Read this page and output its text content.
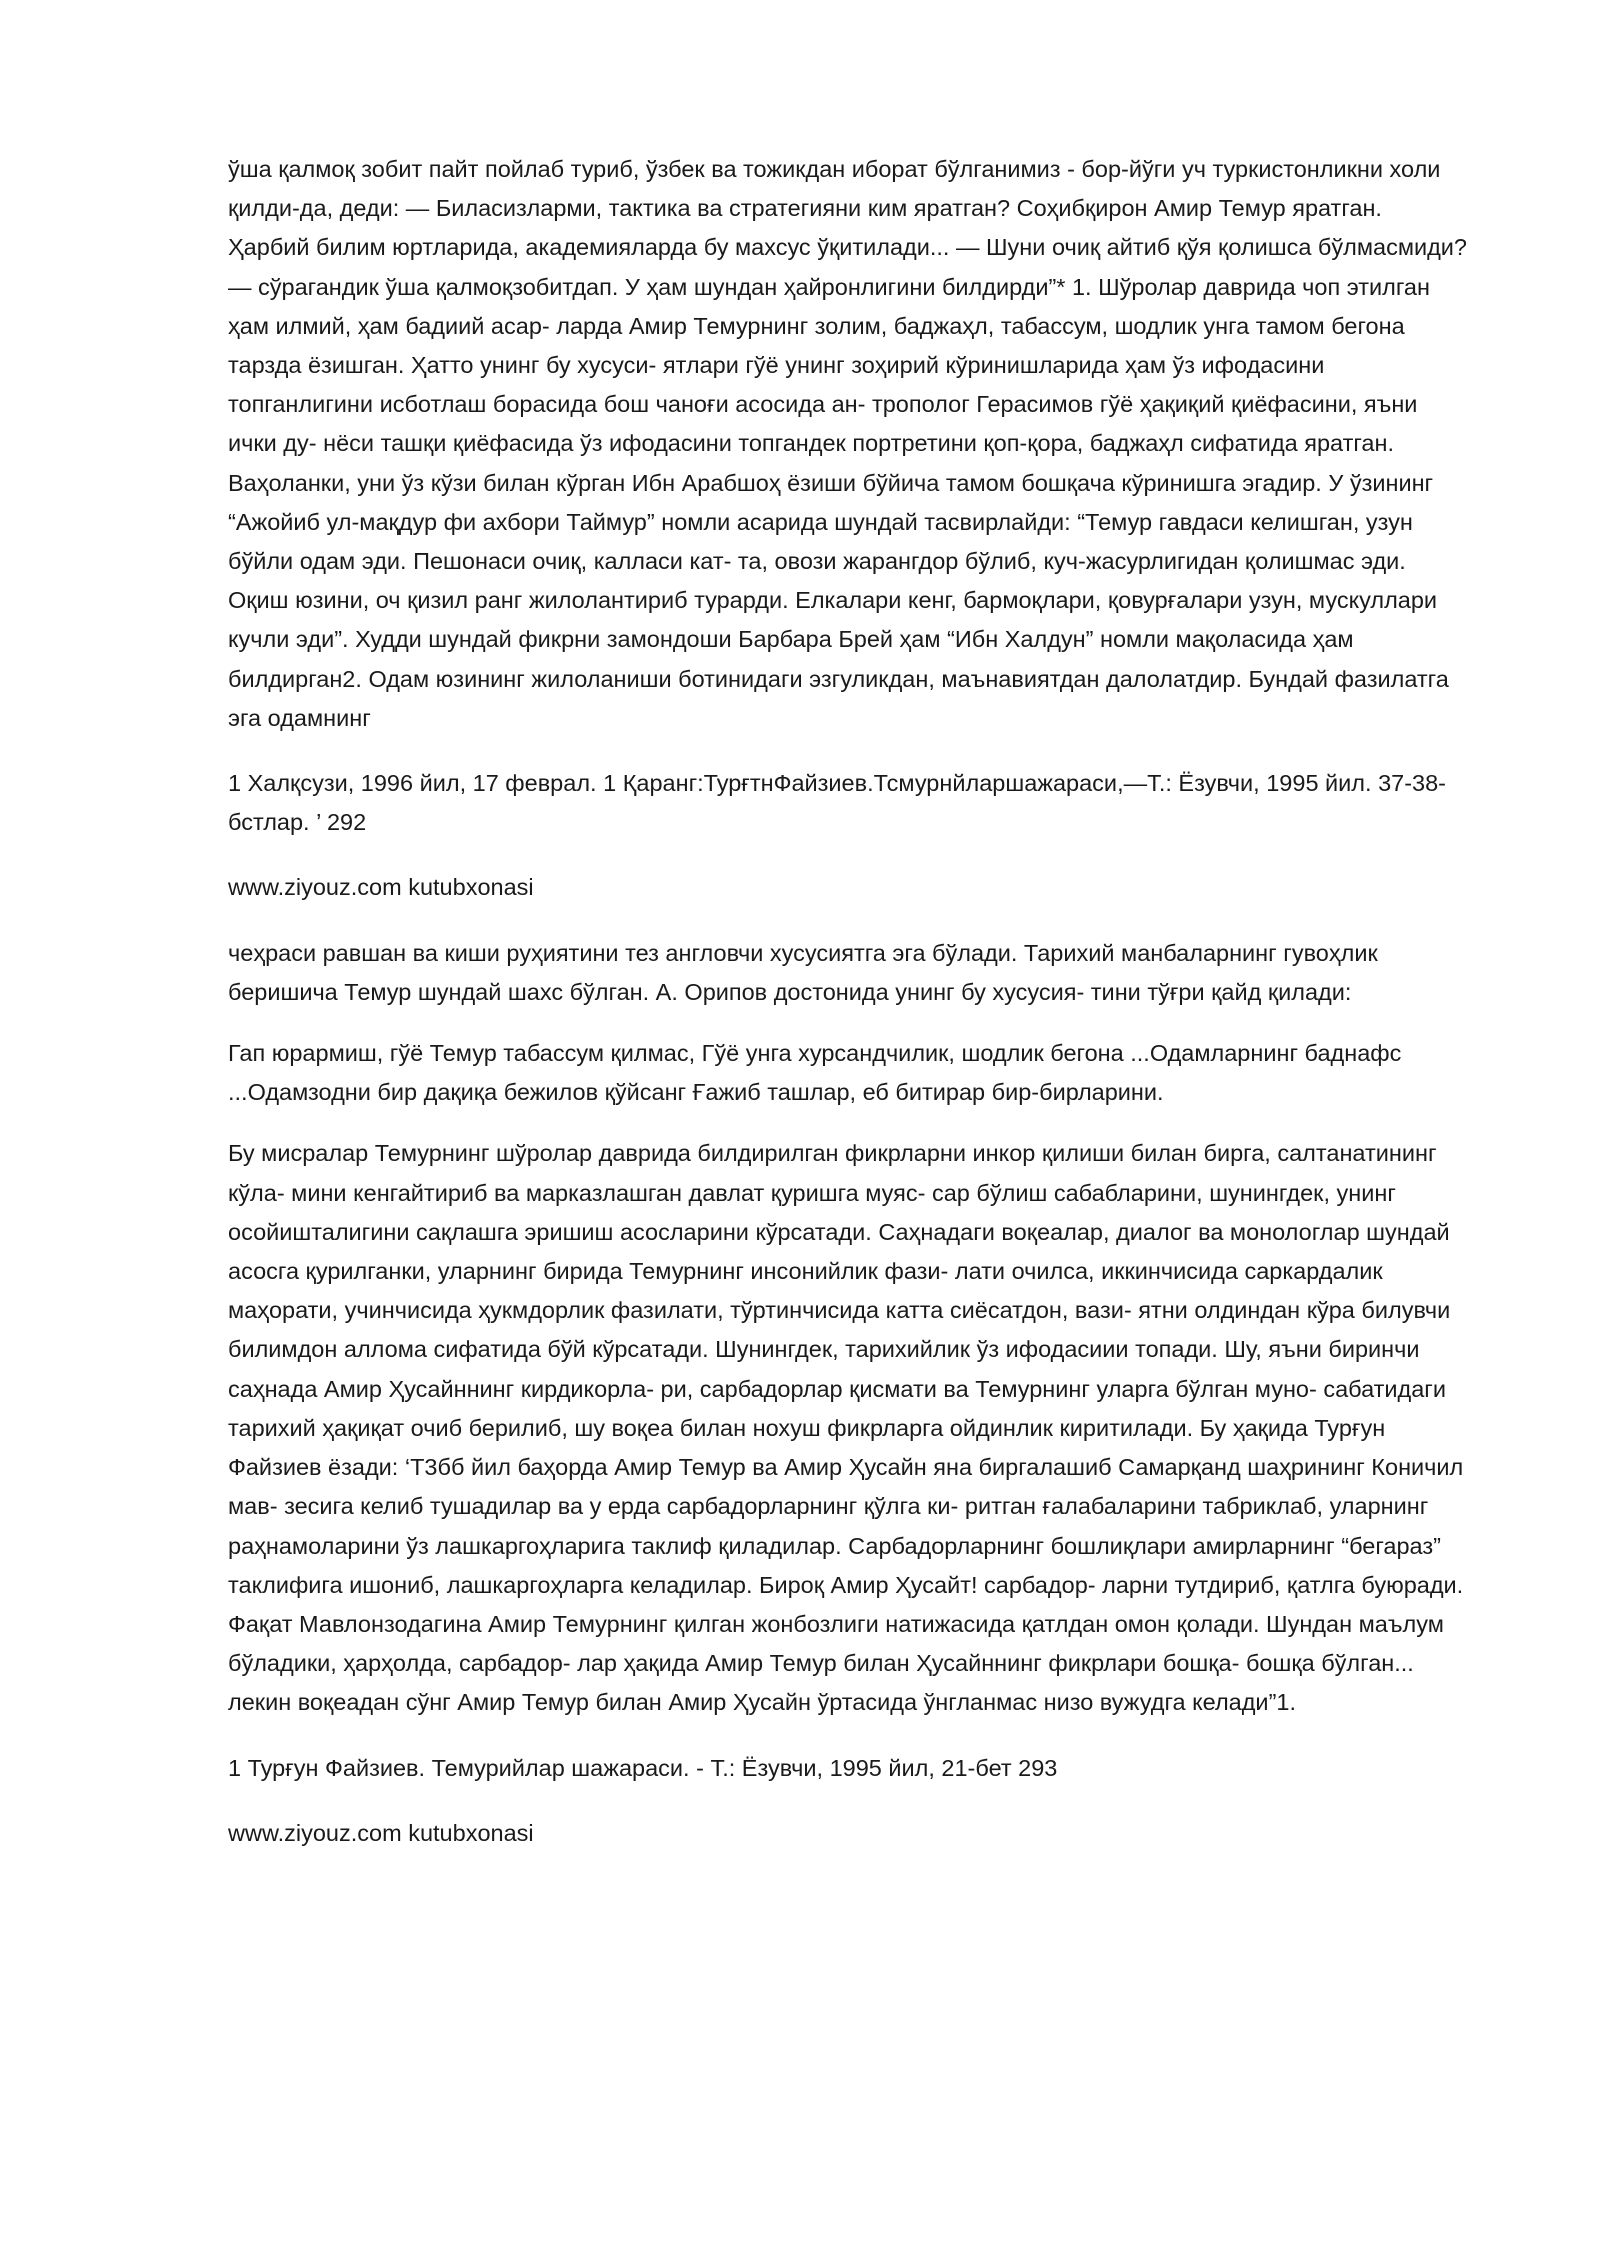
ўша қалмоқ зобит пайт пойлаб туриб, ўзбек ва тожикдан иборат бўлганимиз - бор-йўги уч туркистонликни холи қилди-да, деди: — Биласизларми, тактика ва стратегияни ким яратган? Соҳибқирон Амир Темур яратган. Ҳарбий билим юртларида, академияларда бу махсус ўқитилади... — Шуни очиқ айтиб қўя қолишса бўлмасмиди? — сўрагандик ўша қалмоқзобитдап. У ҳам шундан ҳайронлигини билдирди”* 1. Шўролар даврида чоп этилган ҳам илмий, ҳам бадиий асар- ларда Амир Темурнинг золим, баджаҳл, табассум, шодлик унга тамом бегона тарзда ёзишган. Ҳатто унинг бу хусуси- ятлари гўё унинг зоҳирий кўринишларида ҳам ўз ифодасини топганлигини исботлаш борасида бош чаноғи асосида ан- трополог Герасимов гўё ҳақиқий қиёфасини, яъни ички ду- нёси ташқи қиёфасида ўз ифодасини топгандек портретини қоп-қора, баджаҳл сифатида яратган. Ваҳоланки, уни ўз кўзи билан кўрган Ибн Арабшоҳ ёзиши бўйича тамом бошқача кўринишга эгадир. У ўзининг “Ажойиб ул-мақдур фи ахбори Таймур” номли асарида шундай тасвирлайди: “Темур гавдаси келишган, узун бўйли одам эди. Пешонаси очиқ, калласи кат- та, овози жарангдор бўлиб, куч-жасурлигидан қолишмас эди. Оқиш юзини, оч қизил ранг жилолантириб турарди. Елкалари кенг, бармоқлари, қовурғалари узун, мускуллари кучли эди”. Худди шундай фикрни замондоши Барбара Брей ҳам “Ибн Халдун” номли мақоласида ҳам билдирган2. Одам юзининг жилоланиши ботинидаги эзгуликдан, маънавиятдан далолатдир. Бундай фазилатга эга одамнинг

1 Халқсузи, 1996 йил, 17 феврал. 1 Қаранг:ТурғтнФайзиев.Тсмурнйларшажараси,—Т.: Ёзувчи, 1995 йил. 37-38-бстлар. ’ 292

www.ziyouz.com kutubxonasi

чеҳраси равшан ва киши руҳиятини тез англовчи хусусиятга эга бўлади. Тарихий манбаларнинг гувоҳлик беришича Темур шундай шахс бўлган. А. Орипов достонида унинг бу хусусия- тини тўғри қайд қилади:

Гап юрармиш, гўё Темур табассум қилмас, Гўё унга хурсандчилик, шодлик бегона ...Одамларнинг баднафс ...Одамзодни бир дақиқа бежилов қўйсанг Ғажиб ташлар, еб битирар бир-бирларини.

Бу мисралар Темурнинг шўролар даврида билдирилган фикрларни инкор қилиши билан бирга, салтанатининг кўла- мини кенгайтириб ва марказлашган давлат қуришга муяс- сар бўлиш сабабларини, шунингдек, унинг осойишталигини сақлашга эришиш асосларини кўрсатади. Саҳнадаги воқеалар, диалог ва монологлар шундай асосга қурилганки, уларнинг бирида Темурнинг инсонийлик фази- лати очилса, иккинчисида саркардалик маҳорати, учинчисида ҳукмдорлик фазилати, тўртинчисида катта сиёсатдон, вази- ятни олдиндан кўра билувчи билимдон аллома сифатида бўй кўрсатади. Шунингдек, тарихийлик ўз ифодасиии топади. Шу, яъни биринчи саҳнада Амир Ҳусайннинг кирдикорла- ри, сарбадорлар қисмати ва Темурнинг уларга бўлган муно- сабатидаги тарихий ҳақиқат очиб берилиб, шу воқеа билан нохуш фикрларга ойдинлик киритилади. Бу ҳақида Турғун Файзиев ёзади: ‘Т3бб йил баҳорда Амир Темур ва Амир Ҳусайн яна биргалашиб Самарқанд шаҳрининг Коничил мав- зесига келиб тушадилар ва у ерда сарбадорларнинг қўлга ки- ритган ғалабаларини табриклаб, уларнинг раҳнамоларини ўз лашкаргоҳларига таклиф қиладилар. Сарбадорларнинг бошлиқлари амирларнинг “бегараз” таклифига ишониб, лашкаргоҳларга келадилар. Бироқ Амир Ҳусайт! сарбадор- ларни тутдириб, қатлга буюради. Фақат Мавлонзодагина Амир Темурнинг қилган жонбозлиги натижасида қатлдан омон қолади. Шундан маълум бўладики, ҳарҳолда, сарбадор- лар ҳақида Амир Темур билан Ҳусайннинг фикрлари бошқа- бошқа бўлган... лекин воқеадан сўнг Амир Темур билан Амир Ҳусайн ўртасида ўнгланмас низо вужудга келади”1.

1 Турғун Файзиев. Темурийлар шажараси. - Т.: Ёзувчи, 1995 йил, 21-бет 293

www.ziyouz.com kutubxonasi
